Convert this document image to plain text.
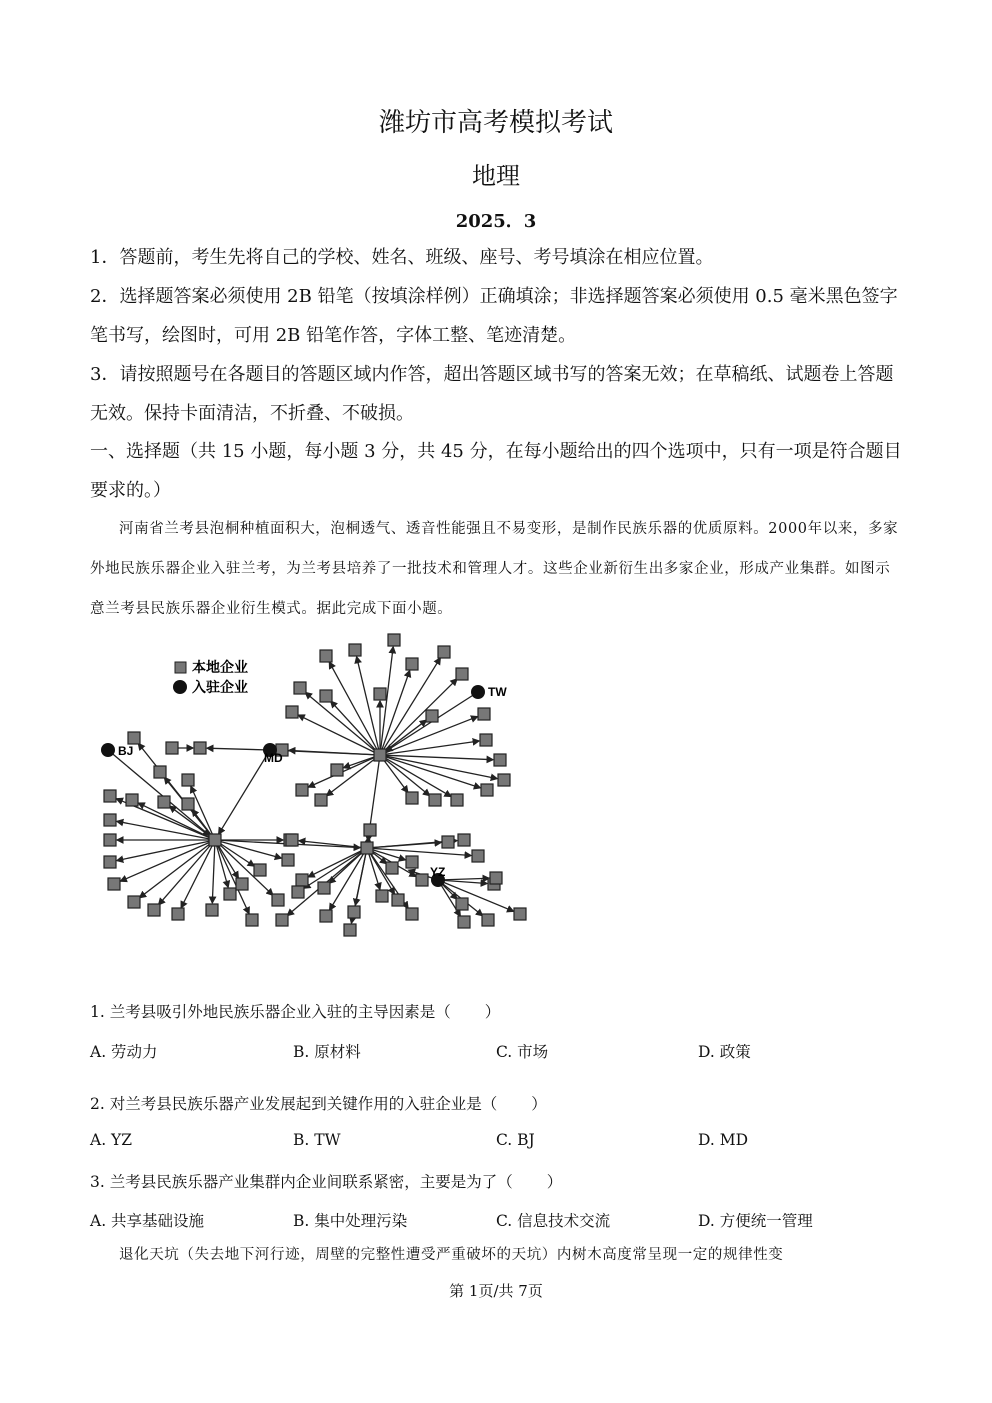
潍坊市高考模拟考试
地理
2025．3
1．答题前，考生先将自己的学校、姓名、班级、座号、考号填涂在相应位置。
2．选择题答案必须使用 2B 铅笔（按填涂样例）正确填涂；非选择题答案必须使用 0.5 毫米黑色签字笔书写，绘图时，可用 2B 铅笔作答，字体工整、笔迹清楚。
3．请按照题号在各题目的答题区域内作答，超出答题区域书写的答案无效；在草稿纸、试题卷上答题无效。保持卡面清洁，不折叠、不破损。
一、选择题（共 15 小题，每小题 3 分，共 45 分，在每小题给出的四个选项中，只有一项是符合题目要求的。）
河南省兰考县泡桐种植面积大，泡桐透气、透音性能强且不易变形，是制作民族乐器的优质原料。2000年以来，多家外地民族乐器企业入驻兰考，为兰考县培养了一批技术和管理人才。这些企业新衍生出多家企业，形成产业集群。如图示意兰考县民族乐器企业衍生模式。据此完成下面小题。
本地企业
入驻企业	TW
BJ	MD
YZ
1. 兰考县吸引外地民族乐器企业入驻的主导因素是（ ）
A. 劳动力	B. 原材料	C. 市场	D. 政策
2. 对兰考县民族乐器产业发展起到关键作用的入驻企业是（ ）
A. YZ	B. TW	C. BJ	D. MD
3. 兰考县民族乐器产业集群内企业间联系紧密，主要是为了（ ）
A. 共享基础设施	B. 集中处理污染	C. 信息技术交流	D. 方便统一管理
退化天坑（失去地下河行迹，周壁的完整性遭受严重破坏的天坑）内树木高度常呈现一定的规律性变
第 1页/共 7页
